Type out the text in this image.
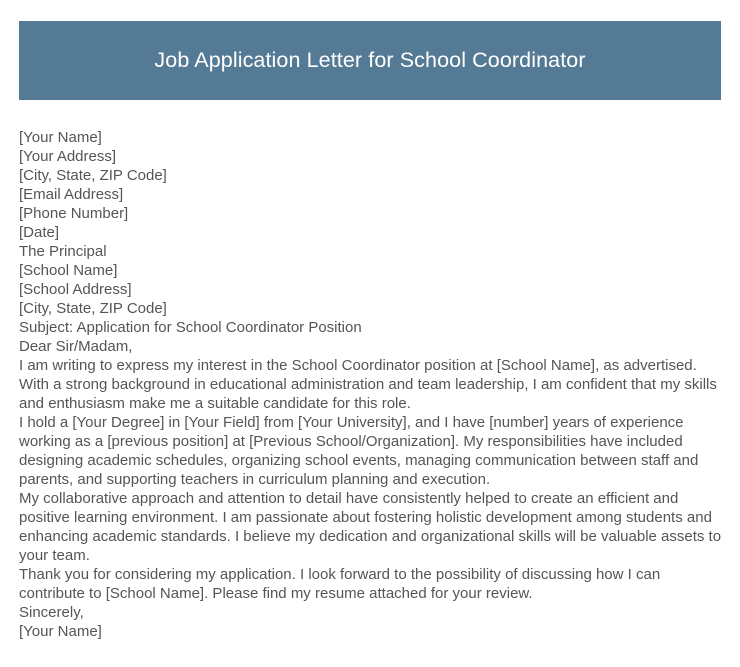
Job Application Letter for School Coordinator
[Your Name]
[Your Address]
[City, State, ZIP Code]
[Email Address]
[Phone Number]
[Date]
The Principal
[School Name]
[School Address]
[City, State, ZIP Code]
Subject: Application for School Coordinator Position
Dear Sir/Madam,

I am writing to express my interest in the School Coordinator position at [School Name], as advertised. With a strong background in educational administration and team leadership, I am confident that my skills and enthusiasm make me a suitable candidate for this role.

I hold a [Your Degree] in [Your Field] from [Your University], and I have [number] years of experience working as a [previous position] at [Previous School/Organization]. My responsibilities have included designing academic schedules, organizing school events, managing communication between staff and parents, and supporting teachers in curriculum planning and execution.

My collaborative approach and attention to detail have consistently helped to create an efficient and positive learning environment. I am passionate about fostering holistic development among students and enhancing academic standards. I believe my dedication and organizational skills will be valuable assets to your team.

Thank you for considering my application. I look forward to the possibility of discussing how I can contribute to [School Name]. Please find my resume attached for your review.

Sincerely,
[Your Name]
